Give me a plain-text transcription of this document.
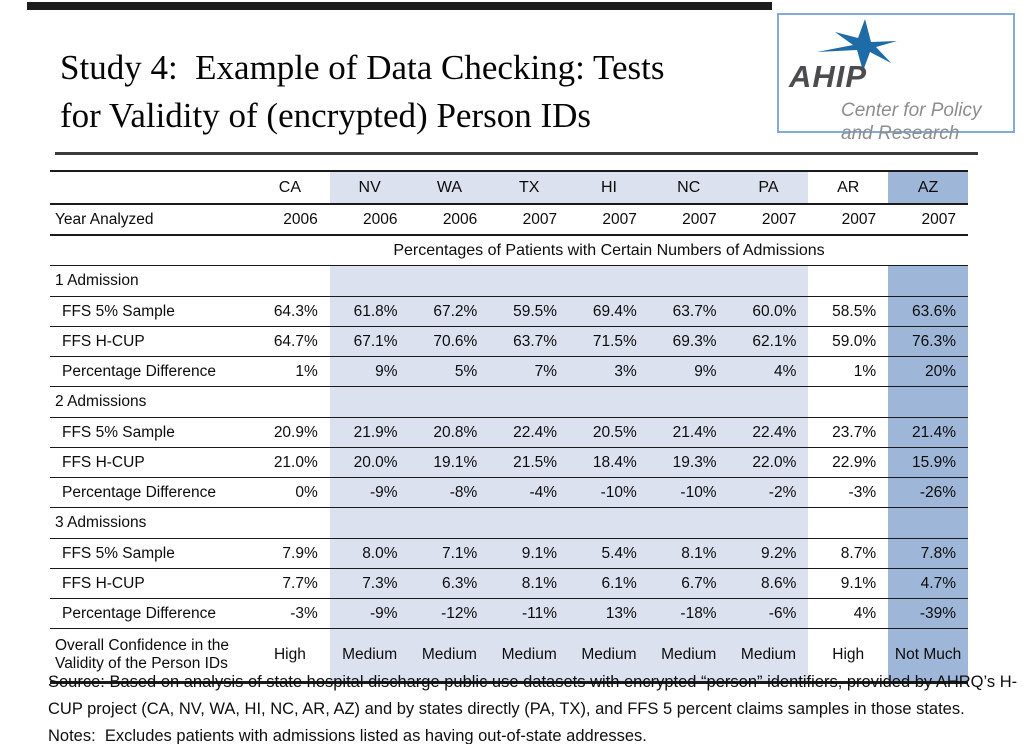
Study 4:  Example of Data Checking: Tests
for Validity of (encrypted) Person IDs
AHIP
Center for Policy
and Research
	CA	NV	WA	TX	HI	NC	PA	AR	AZ
Year Analyzed	2006	2006	2006	2007	2007	2007	2007	2007	2007
	Percentages of Patients with Certain Numbers of Admissions								
1 Admission									
FFS 5% Sample	64.3%	61.8%	67.2%	59.5%	69.4%	63.7%	60.0%	58.5%	63.6%
FFS H-CUP	64.7%	67.1%	70.6%	63.7%	71.5%	69.3%	62.1%	59.0%	76.3%
Percentage Difference	1%	9%	5%	7%	3%	9%	4%	1%	20%
2 Admissions									
FFS 5% Sample	20.9%	21.9%	20.8%	22.4%	20.5%	21.4%	22.4%	23.7%	21.4%
FFS H-CUP	21.0%	20.0%	19.1%	21.5%	18.4%	19.3%	22.0%	22.9%	15.9%
Percentage Difference	0%	-9%	-8%	-4%	-10%	-10%	-2%	-3%	-26%
3 Admissions									
FFS 5% Sample	7.9%	8.0%	7.1%	9.1%	5.4%	8.1%	9.2%	8.7%	7.8%
FFS H-CUP	7.7%	7.3%	6.3%	8.1%	6.1%	6.7%	8.6%	9.1%	4.7%
Percentage Difference	-3%	-9%	-12%	-11%	13%	-18%	-6%	4%	-39%
Overall Confidence in the Validity of the Person IDs	High	Medium	Medium	Medium	Medium	Medium	Medium	High	Not Much
Source: Based on analysis of state hospital discharge public use datasets with encrypted “person” identifiers, provided by AHRQ’s H-
CUP project (CA, NV, WA, HI, NC, AR, AZ) and by states directly (PA, TX), and FFS 5 percent claims samples in those states.
Notes:  Excludes patients with admissions listed as having out-of-state addresses.
